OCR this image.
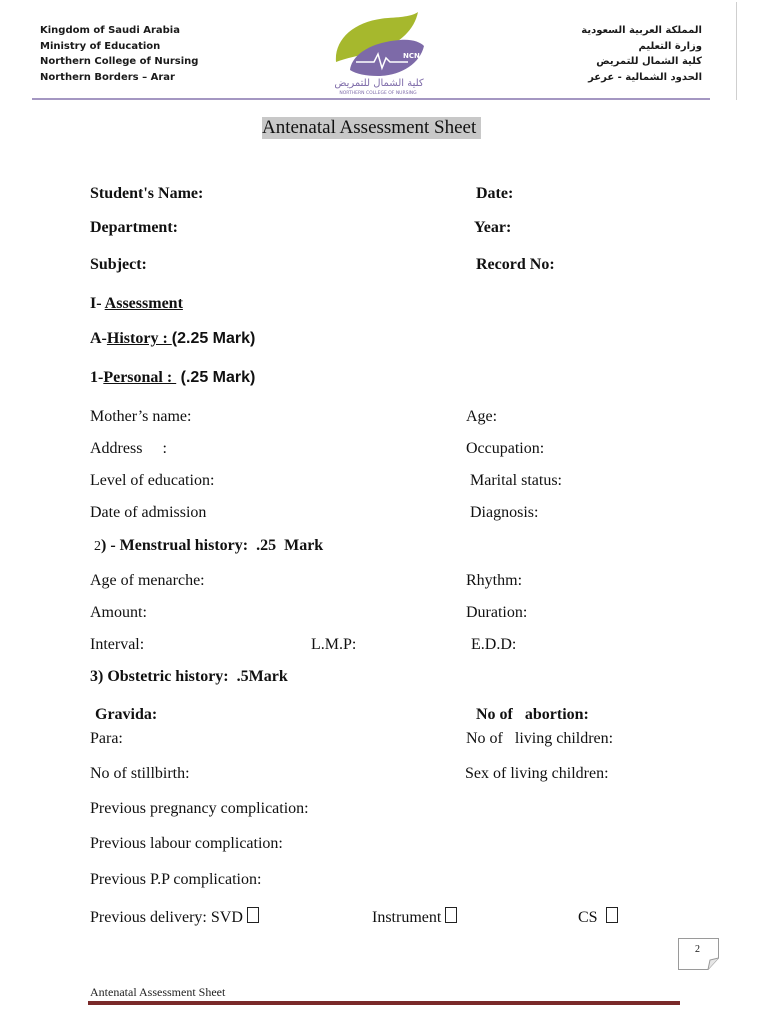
Kingdom of Saudi Arabia
Ministry of Education
Northern College of Nursing
Northern Borders – Arar
NCN
كلية الشمال للتمريض
NORTHERN COLLEGE OF NURSING
المملكة العربية السعودية
وزارة التعليم
كلية الشمال للتمريض
الحدود الشمالية - عرعر
Antenatal Assessment Sheet
Student's Name:	Date:
Department:	Year:
Subject:	Record No:
I- Assessment
A-History : (2.25 Mark)
1-Personal :  (.25 Mark)
Mother’s name:	Age:
Address     :	Occupation:
Level of education:	Marital status:
Date of admission	Diagnosis:
2) - Menstrual history:  .25  Mark
Age of menarche:	Rhythm:
Amount:	Duration:
Interval:	L.M.P:	E.D.D:
3) Obstetric history:  .5Mark
Gravida:	No of   abortion:
Para:	No of   living children:
No of stillbirth:	Sex of living children:
Previous pregnancy complication:
Previous labour complication:
Previous P.P complication:
Previous delivery: SVD	Instrument	CS
2
Antenatal Assessment Sheet
